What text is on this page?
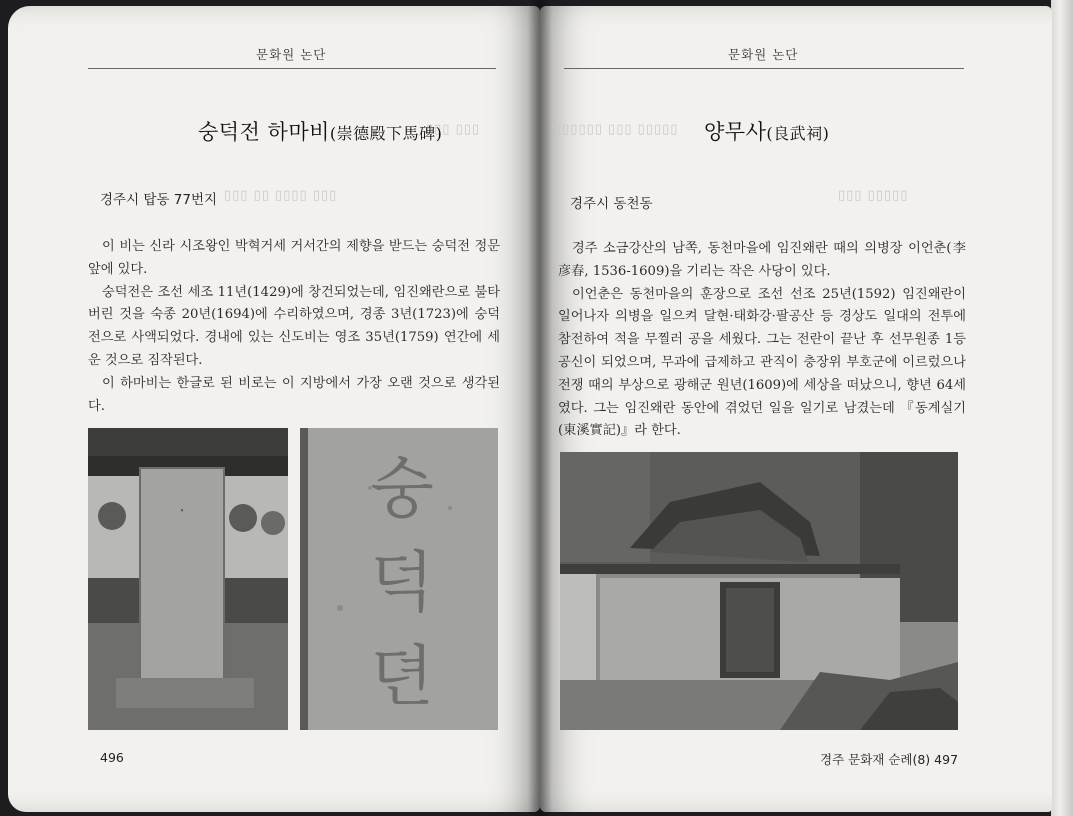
▯▯▯ ▯▯▯
▯▯▯ ▯▯ ▯▯▯▯ ▯▯▯
문화원 논단
숭덕전 하마비(崇德殿下馬碑)
경주시 탑동 77번지

이 비는 신라 시조왕인 박혁거세 거서간의 제향을 받드는 숭덕전 정문 앞에 있다.

숭덕전은 조선 세조 11년(1429)에 창건되었는데, 임진왜란으로 불타버린 것을 숙종 20년(1694)에 수리하였으며, 경종 3년(1723)에 숭덕전으로 사액되었다. 경내에 있는 신도비는 영조 35년(1759) 연간에 세운 것으로 짐작된다.

이 하마비는 한글로 된 비로는 이 지방에서 가장 오랜 것으로 생각된다.

᛫	숭덕뎐
496
▯▯▯▯▯▯ ▯▯▯ ▯▯▯▯▯
▯▯▯ ▯▯▯▯▯
문화원 논단
양무사(良武祠)
경주시 동천동

경주 소금강산의 남쪽, 동천마을에 임진왜란 때의 의병장 이언춘(李彦春, 1536-1609)을 기리는 작은 사당이 있다.

이언춘은 동천마을의 훈장으로 조선 선조 25년(1592) 임진왜란이 일어나자 의병을 일으켜 달현·태화강·팔공산 등 경상도 일대의 전투에 참전하여 적을 무찔러 공을 세웠다. 그는 전란이 끝난 후 선무원종 1등공신이 되었으며, 무과에 급제하고 관직이 충장위 부호군에 이르렀으나 전쟁 때의 부상으로 광해군 원년(1609)에 세상을 떠났으니, 향년 64세였다. 그는 임진왜란 동안에 겪었던 일을 일기로 남겼는데 『동계실기(東溪實記)』라 한다.

경주 문화재 순례(8) 497
